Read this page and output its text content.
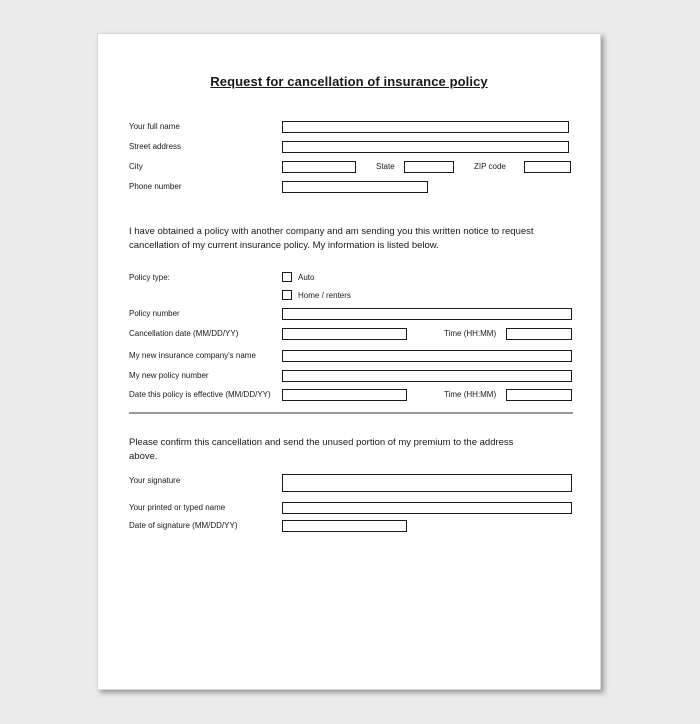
Request for cancellation of insurance policy
Your full name
Street address
City	State	ZIP code
Phone number
I have obtained a policy with another company and am sending you this written notice to request
cancellation of my current insurance policy. My information is listed below.
Policy type:	Auto
Home / renters
Policy number
Cancellation date (MM/DD/YY)	Time (HH:MM)
My new insurance company's name
My new policy number
Date this policy is effective (MM/DD/YY)	Time (HH:MM)
Please confirm this cancellation and send the unused portion of my premium to the address
above.
Your signature
Your printed or typed name
Date of signature (MM/DD/YY)
